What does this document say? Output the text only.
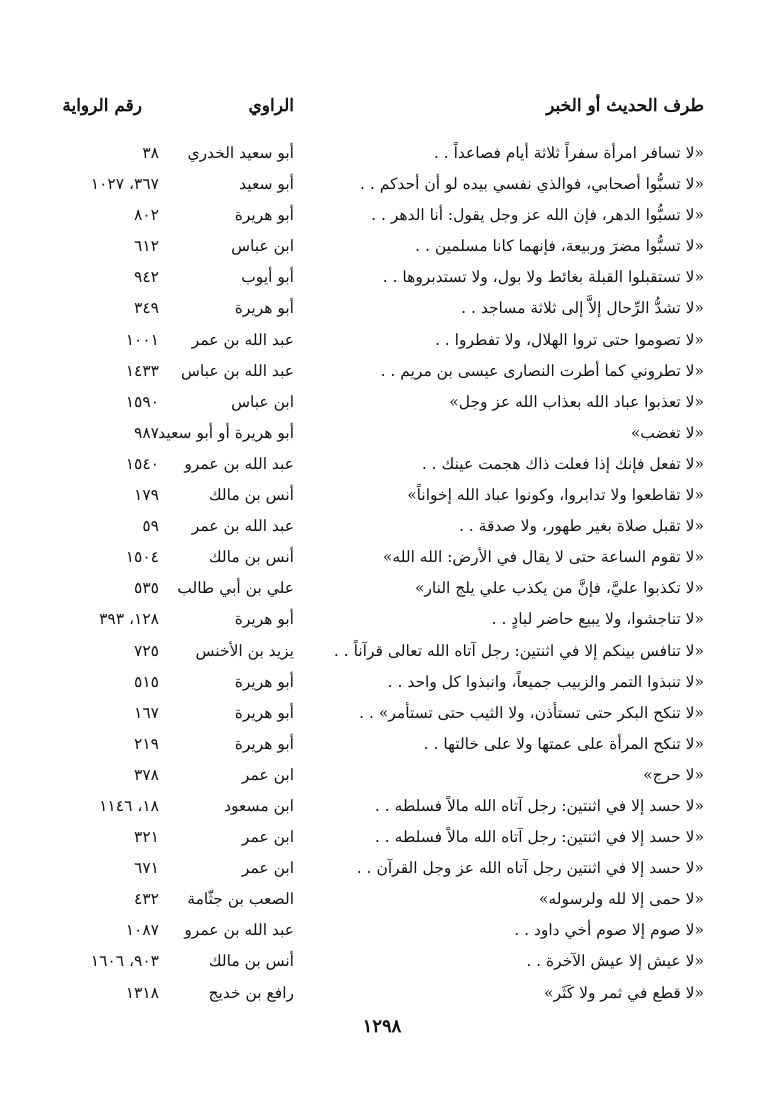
طرف الحديث أو الخبر
الراوي
رقم الرواية
«لا تسافر امرأة سفراً ثلاثة أيام فصاعداً . .
أبو سعيد الخدري
٣٨
«لا تسبُّوا أصحابي، فوالذي نفسي بيده لو أن أحدكم . .
أبو سعيد
٣٦٧، ١٠٢٧
«لا تسبُّوا الدهر، فإن الله عز وجل يقول: أنا الدهر . .
أبو هريرة
٨٠٢
«لا تسبُّوا مضرَ وربيعة، فإنهما كانا مسلمين . .
ابن عباس
٦١٢
«لا تستقبلوا القبلة بغائط ولا بول، ولا تستدبروها . .
أبو أيوب
٩٤٢
«لا تشدُّ الرِّحال إلاَّ إلى ثلاثة مساجد . .
أبو هريرة
٣٤٩
«لا تصوموا حتى تروا الهلال، ولا تفطروا . .
عبد الله بن عمر
١٠٠١
«لا تطروني كما أطرت النصارى عيسى بن مريم . .
عبد الله بن عباس
١٤٣٣
«لا تعذبوا عباد الله بعذاب الله عز وجل»
ابن عباس
١٥٩٠
«لا تغضب»
أبو هريرة أو أبو سعيد
٩٨٧
«لا تفعل فإنك إذا فعلت ذاك هجمت عينك . .
عبد الله بن عمرو
١٥٤٠
«لا تقاطعوا ولا تدابروا، وكونوا عباد الله إخواناً»
أنس بن مالك
١٧٩
«لا تقبل صلاة بغير طهور، ولا صدقة . .
عبد الله بن عمر
٥٩
«لا تقوم الساعة حتى لا يقال في الأرض: الله الله»
أنس بن مالك
١٥٠٤
«لا تكذبوا عليَّ، فإنَّ من يكذب علي يلج النار»
علي بن أبي طالب
٥٣٥
«لا تناجشوا، ولا يبيع حاضر لبادٍ . .
أبو هريرة
١٢٨، ٣٩٣
«لا تنافس بينكم إلا في اثنتين: رجل آتاه الله تعالى قرآناً . .
يزيد بن الأخنس
٧٢٥
«لا تنبذوا التمر والزبيب جميعاً، وانبذوا كل واحد . .
أبو هريرة
٥١٥
«لا تنكح البكر حتى تستأذن، ولا الثيب حتى تستأمر» . .
أبو هريرة
١٦٧
«لا تنكح المرأة على عمتها ولا على خالتها . .
أبو هريرة
٢١٩
«لا حرج»
ابن عمر
٣٧٨
«لا حسد إلا في اثنتين: رجل آتاه الله مالاً فسلطه . .
ابن مسعود
١٨، ١١٤٦
«لا حسد إلا في اثنتين: رجل آتاه الله مالاً فسلطه . .
ابن عمر
٣٢١
«لا حسد إلا في اثنتين رجل آتاه الله عز وجل القرآن . .
ابن عمر
٦٧١
«لا حمى إلا لله ولرسوله»
الصعب بن جثّامة
٤٣٢
«لا صوم إلا صوم أخي داود . .
عبد الله بن عمرو
١٠٨٧
«لا عيش إلا عيش الآخرة . .
أنس بن مالك
٩٠٣، ١٦٠٦
«لا قطع في ثمر ولا كَثَر»
رافع بن خديج
١٣١٨
١٢٩٨
